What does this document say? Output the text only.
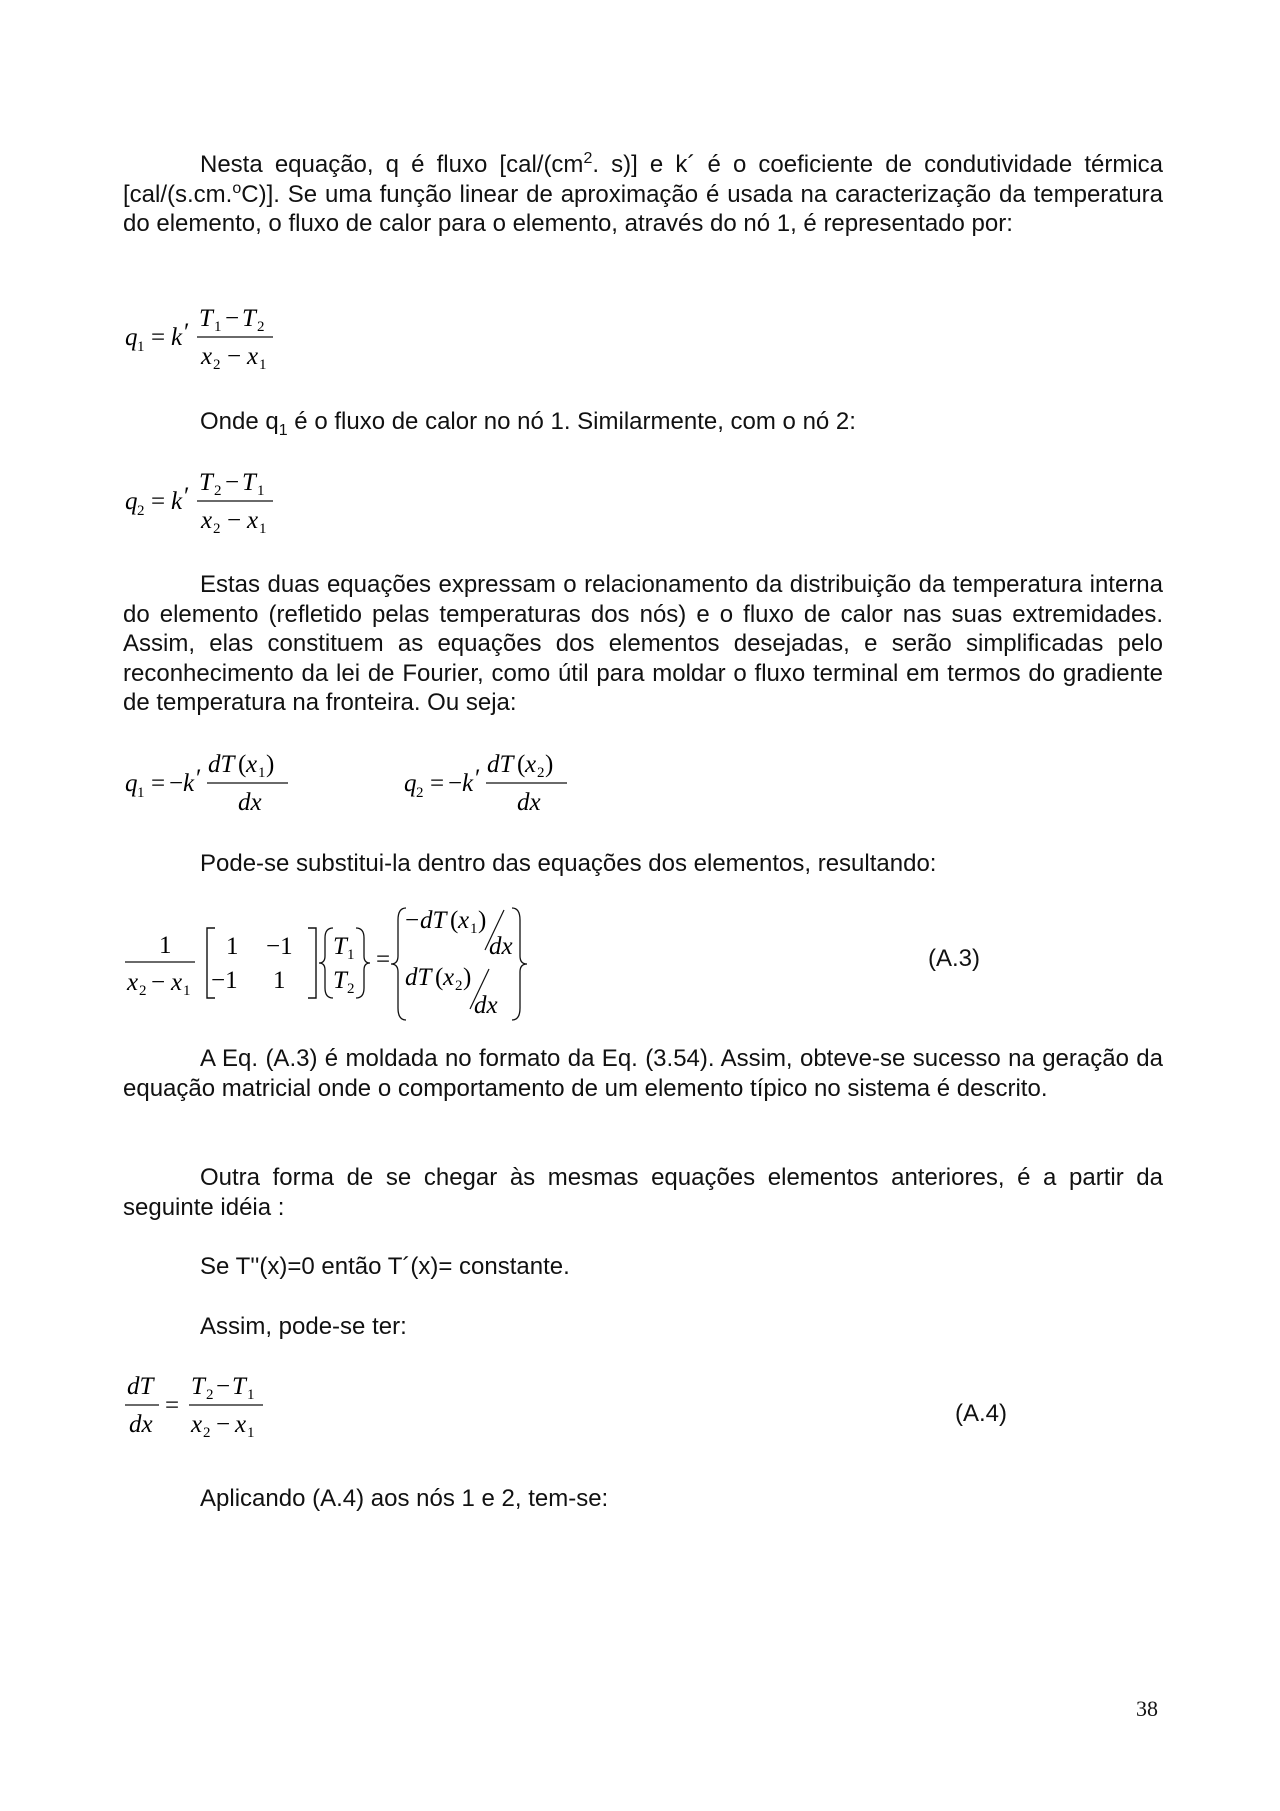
Nesta equação, q é fluxo [$cal/(cm^2$. s)] e k´ é o coeficiente de condutividade térmica [cal/(s.cm.$^o$C)]. Se uma função linear de aproximação é usada na caracterização da temperatura do elemento, o fluxo de calor para o elemento, através do nó 1, é representado por:

q 1 = k ′
T 1 − T 2
x 2 − x 1
Onde $q_1$ é o fluxo de calor no nó 1. Similarmente, com o nó 2:
q 2 = k ′
T 2 − T 1
x 2 − x 1

Estas duas equações expressam o relacionamento da distribuição da temperatura interna do elemento (refletido pelas temperaturas dos nós) e o fluxo de calor nas suas extremidades. Assim, elas constituem as equações dos elementos desejadas, e serão simplificadas pelo reconhecimento da lei de Fourier, como útil para moldar o fluxo terminal em termos do gradiente de temperatura na fronteira. Ou seja:

q 1 = − k ′
dT ( x 1 )
dx
q 2 = − k ′
dT ( x 2 )
dx
Pode-se substitui-la dentro das equações dos elementos, resultando:
1
x 2 − x 1
1 −1
−1 1
T 1
T 2
=
− dT ( x 1 )
dx
dT ( x 2 )
dx
(A.3)

A Eq. (A.3) é moldada no formato da Eq. (3.54). Assim, obteve-se sucesso na geração da equação matricial onde o comportamento de um elemento típico no sistema é descrito.

Outra forma de se chegar às mesmas equações elementos anteriores, é a partir da seguinte idéia :

Se T''(x)=0 então T´(x)= constante.
Assim, pode-se ter:
dT
dx
=
T 2 − T 1
x 2 − x 1
(A.4)
Aplicando (A.4) aos nós 1 e 2, tem-se:
38
